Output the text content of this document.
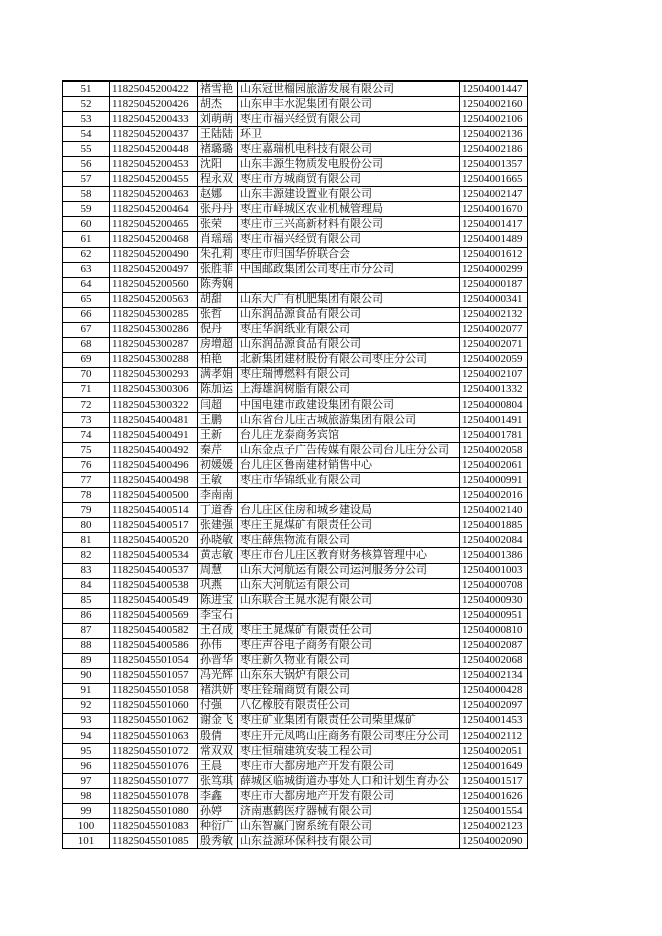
51	11825045200422	褚雪艳	山东冠世榴园旅游发展有限公司	12504001447
52	11825045200426	胡杰	山东申丰水泥集团有限公司	12504002160
53	11825045200433	刘萌萌	枣庄市福兴经贸有限公司	12504002106
54	11825045200437	王陆陆	环卫	12504002136
55	11825045200448	褚璐璐	枣庄嘉瑞机电科技有限公司	12504002186
56	11825045200453	沈阳	山东丰源生物质发电股份公司	12504001357
57	11825045200455	程永双	枣庄市方城商贸有限公司	12504001665
58	11825045200463	赵娜	山东丰源建设置业有限公司	12504002147
59	11825045200464	张丹丹	枣庄市峄城区农业机械管理局	12504001670
60	11825045200465	张荣	枣庄市三兴高新材料有限公司	12504001417
61	11825045200468	肖瑶瑶	枣庄市福兴经贸有限公司	12504001489
62	11825045200490	朱孔莉	枣庄市归国华侨联合会	12504001612
63	11825045200497	张胜菲	中国邮政集团公司枣庄市分公司	12504000299
64	11825045200560	陈秀娴		12504000187
65	11825045200563	胡甜	山东大广有机肥集团有限公司	12504000341
66	11825045300285	张哲	山东润品源食品有限公司	12504002132
67	11825045300286	倪丹	枣庄华润纸业有限公司	12504002077
68	11825045300287	房增超	山东润品源食品有限公司	12504002071
69	11825045300288	柏艳	北新集团建材股份有限公司枣庄分公司	12504002059
70	11825045300293	满孝娟	枣庄瑞博燃料有限公司	12504002107
71	11825045300306	陈加运	上海雄润树脂有限公司	12504001332
72	11825045300322	闫超	中国电建市政建设集团有限公司	12504000804
73	11825045400481	王鹏	山东省台儿庄古城旅游集团有限公司	12504001491
74	11825045400491	王新	台儿庄龙泰商务宾馆	12504001781
75	11825045400492	秦芹	山东金点子广告传媒有限公司台儿庄分公司	12504002058
76	11825045400496	初媛媛	台儿庄区鲁南建材销售中心	12504002061
77	11825045400498	王敏	枣庄市华锦纸业有限公司	12504000991
78	11825045400500	李南南		12504002016
79	11825045400514	丁道香	台儿庄区住房和城乡建设局	12504002140
80	11825045400517	张建强	枣庄王晁煤矿有限责任公司	12504001885
81	11825045400520	孙晓敏	枣庄薛焦物流有限公司	12504002084
82	11825045400534	黄志敏	枣庄市台儿庄区教育财务核算管理中心	12504001386
83	11825045400537	周慧	山东大河航运有限公司运河服务分公司	12504001003
84	11825045400538	巩燕	山东大河航运有限公司	12504000708
85	11825045400549	陈进宝	山东联合王晁水泥有限公司	12504000930
86	11825045400569	李宝石		12504000951
87	11825045400582	王召成	枣庄王晁煤矿有限责任公司	12504000810
88	11825045400586	孙伟	枣庄声谷电子商务有限公司	12504002087
89	11825045501054	孙晋华	枣庄新久物业有限公司	12504002068
90	11825045501057	冯光辉	山东东大锅炉有限公司	12504002134
91	11825045501058	褚洪妍	枣庄铨瑞商贸有限公司	12504000428
92	11825045501060	付强	八亿橡胶有限责任公司	12504002097
93	11825045501062	谢金飞	枣庄矿业集团有限责任公司柴里煤矿	12504001453
94	11825045501063	殷倩	枣庄开元凤鸣山庄商务有限公司枣庄分公司	12504002112
95	11825045501072	常双双	枣庄恒瑞建筑安装工程公司	12504002051
96	11825045501076	王晨	枣庄市大都房地产开发有限公司	12504001649
97	11825045501077	张笃琪	薛城区临城街道办事处人口和计划生育办公	12504001517
98	11825045501078	李鑫	枣庄市大都房地产开发有限公司	12504001626
99	11825045501080	孙婷	济南惠鹤医疗器械有限公司	12504001554
100	11825045501083	种衍广	山东智赢门窗系统有限公司	12504002123
101	11825045501085	殷秀敏	山东益源环保科技有限公司	12504002090
